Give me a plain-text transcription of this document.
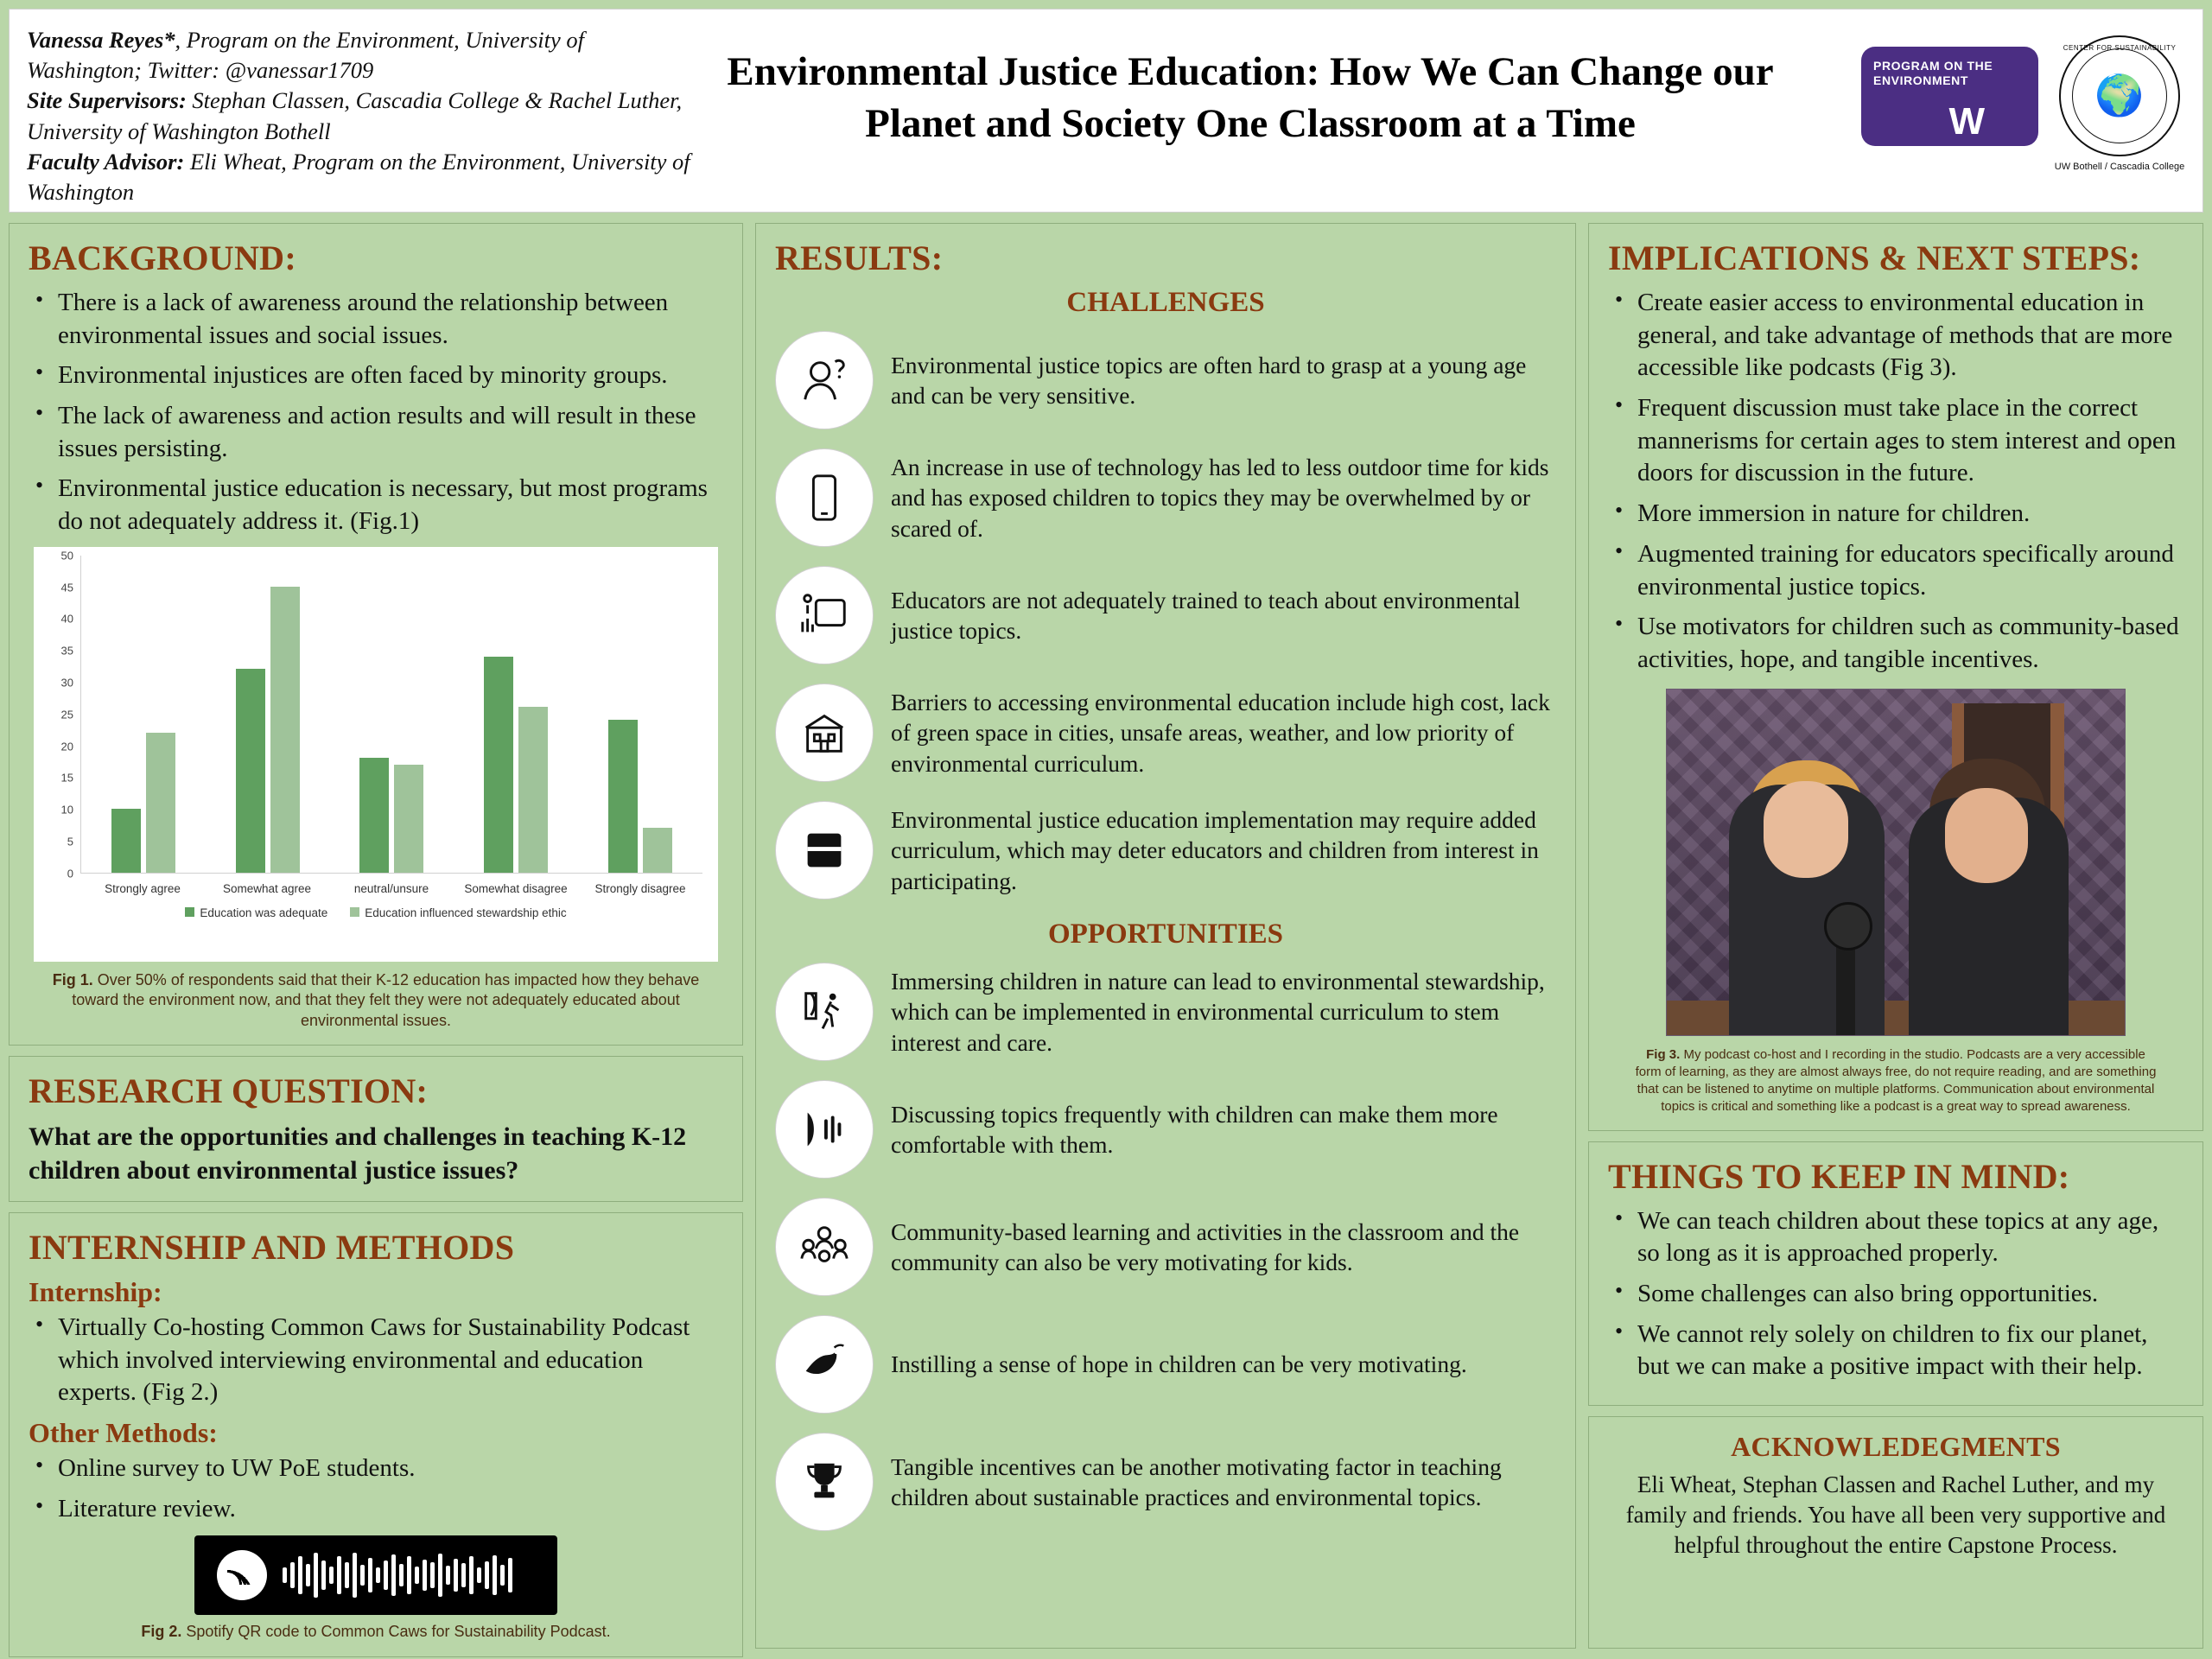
Vanessa Reyes*, Program on the Environment, University of Washington; Twitter: @vanessar1709
Site Supervisors: Stephan Classen, Cascadia College & Rachel Luther, University of Washington Bothell
Faculty Advisor: Eli Wheat, Program on the Environment, University of Washington
Environmental Justice Education: How We Can Change our Planet and Society One Classroom at a Time
PROGRAM ON THE
ENVIRONMENT
W
CENTER FOR SUSTAINABILITY
🌍
UW Bothell / Cascadia College
BACKGROUND:
• There is a lack of awareness around the relationship between environmental issues and social issues.
• Environmental injustices are often faced by minority groups.
• The lack of awareness and action results and will result in these issues persisting.
• Environmental justice education is necessary, but most programs do not adequately address it. (Fig.1)
0
5
10
15
20
25
30
35
40
45
50
Strongly agree	Somewhat agree	neutral/unsure	Somewhat disagree	Strongly disagree
Education was adequate	Education influenced stewardship ethic
Fig 1. Over 50% of respondents said that their K-12 education has impacted how they behave toward the environment now, and that they felt they were not adequately educated about environmental issues.
RESEARCH QUESTION:

What are the opportunities and challenges in teaching K-12 children about environmental justice issues?

INTERNSHIP AND METHODS
Internship:
• Virtually Co-hosting Common Caws for Sustainability Podcast which involved interviewing environmental and education experts. (Fig 2.)
Other Methods:
• Online survey to UW PoE students.
• Literature review.
Fig 2. Spotify QR code to Common Caws for Sustainability Podcast.
RESULTS:
CHALLENGES

Environmental justice topics are often hard to grasp at a young age and can be very sensitive.

An increase in use of technology has led to less outdoor time for kids and has exposed children to topics they may be overwhelmed by or scared of.

Educators are not adequately trained to teach about environmental justice topics.

Barriers to accessing environmental education include high cost, lack of green space in cities, unsafe areas, weather, and low priority of environmental curriculum.

Environmental justice education implementation may require added curriculum, which may deter educators and children from interest in participating.

OPPORTUNITIES

Immersing children in nature can lead to environmental stewardship, which can be implemented in environmental curriculum to stem interest and care.

Discussing topics frequently with children can make them more comfortable with them.

Community-based learning and activities in the classroom and the community can also be very motivating for kids.

Instilling a sense of hope in children can be very motivating.

Tangible incentives can be another motivating factor in teaching children about sustainable practices and environmental topics.

IMPLICATIONS & NEXT STEPS:
• Create easier access to environmental education in general, and take advantage of methods that are more accessible like podcasts (Fig 3).
• Frequent discussion must take place in the correct mannerisms for certain ages to stem interest and open doors for discussion in the future.
• More immersion in nature for children.
• Augmented training for educators specifically around environmental justice topics.
• Use motivators for children such as community-based activities, hope, and tangible incentives.
Fig 3. My podcast co-host and I recording in the studio. Podcasts are a very accessible form of learning, as they are almost always free, do not require reading, and are something that can be listened to anytime on multiple platforms. Communication about environmental topics is critical and something like a podcast is a great way to spread awareness.
THINGS TO KEEP IN MIND:
• We can teach children about these topics at any age, so long as it is approached properly.
• Some challenges can also bring opportunities.
• We cannot rely solely on children to fix our planet, but we can make a positive impact with their help.
ACKNOWLEDEGMENTS

Eli Wheat, Stephan Classen and Rachel Luther, and my family and friends. You have all been very supportive and helpful throughout the entire Capstone Process.
